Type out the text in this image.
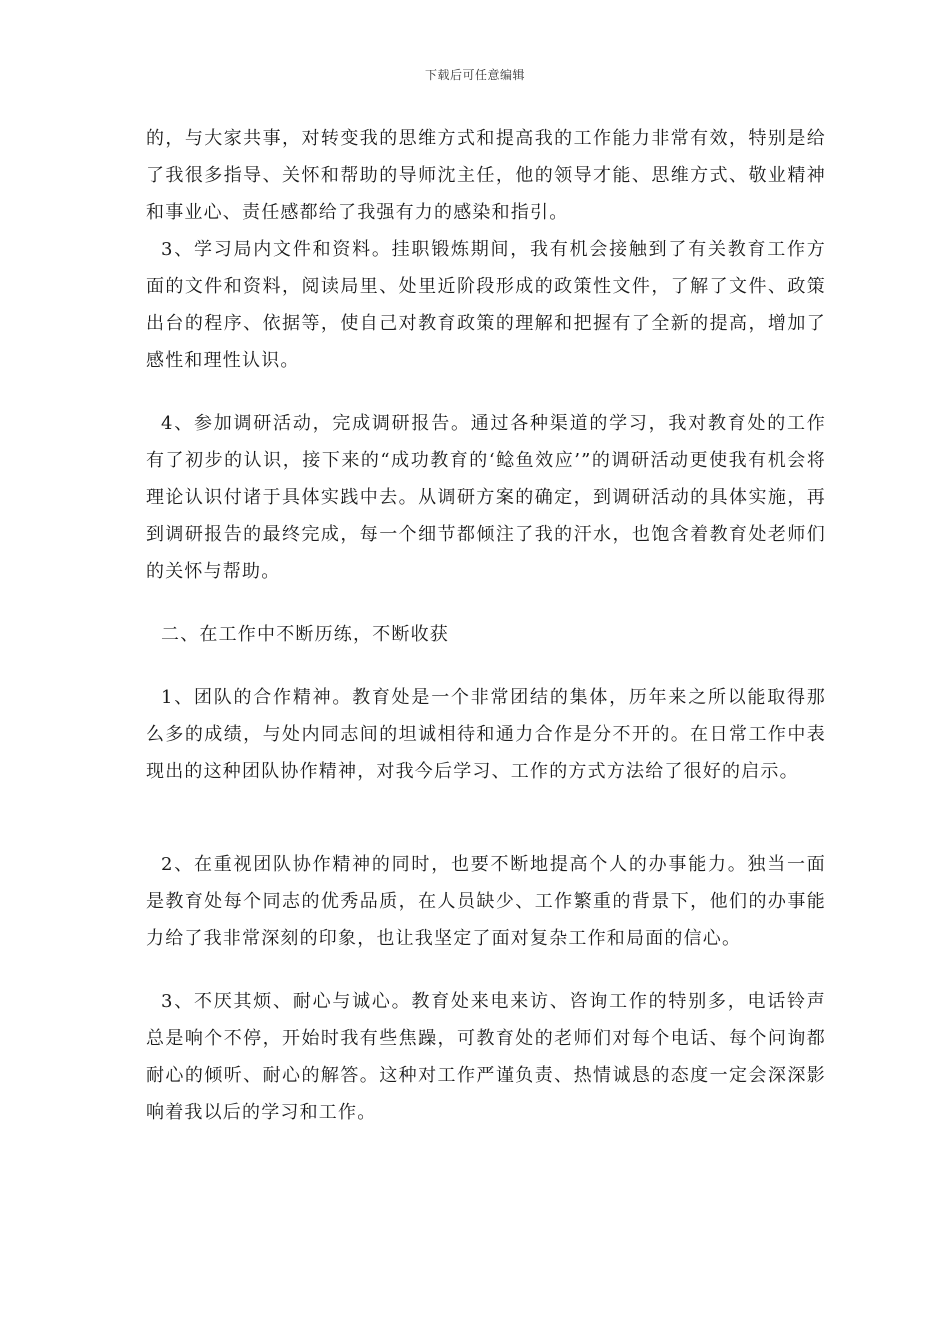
下载后可任意编辑

的，与大家共事，对转变我的思维方式和提高我的工作能力非常有效，特别是给了我很多指导、关怀和帮助的导师沈主任，他的领导才能、思维方式、敬业精神和事业心、责任感都给了我强有力的感染和指引。

3、学习局内文件和资料。挂职锻炼期间，我有机会接触到了有关教育工作方面的文件和资料，阅读局里、处里近阶段形成的政策性文件，了解了文件、政策出台的程序、依据等，使自己对教育政策的理解和把握有了全新的提高，增加了感性和理性认识。

4、参加调研活动，完成调研报告。通过各种渠道的学习，我对教育处的工作有了初步的认识，接下来的“成功教育的‘鲶鱼效应’”的调研活动更使我有机会将理论认识付诸于具体实践中去。从调研方案的确定，到调研活动的具体实施，再到调研报告的最终完成，每一个细节都倾注了我的汗水，也饱含着教育处老师们的关怀与帮助。

二、在工作中不断历练，不断收获

1、团队的合作精神。教育处是一个非常团结的集体，历年来之所以能取得那么多的成绩，与处内同志间的坦诚相待和通力合作是分不开的。在日常工作中表现出的这种团队协作精神，对我今后学习、工作的方式方法给了很好的启示。

2、在重视团队协作精神的同时，也要不断地提高个人的办事能力。独当一面是教育处每个同志的优秀品质，在人员缺少、工作繁重的背景下，他们的办事能力给了我非常深刻的印象，也让我坚定了面对复杂工作和局面的信心。

3、不厌其烦、耐心与诚心。教育处来电来访、咨询工作的特别多，电话铃声总是响个不停，开始时我有些焦躁，可教育处的老师们对每个电话、每个问询都耐心的倾听、耐心的解答。这种对工作严谨负责、热情诚恳的态度一定会深深影响着我以后的学习和工作。
